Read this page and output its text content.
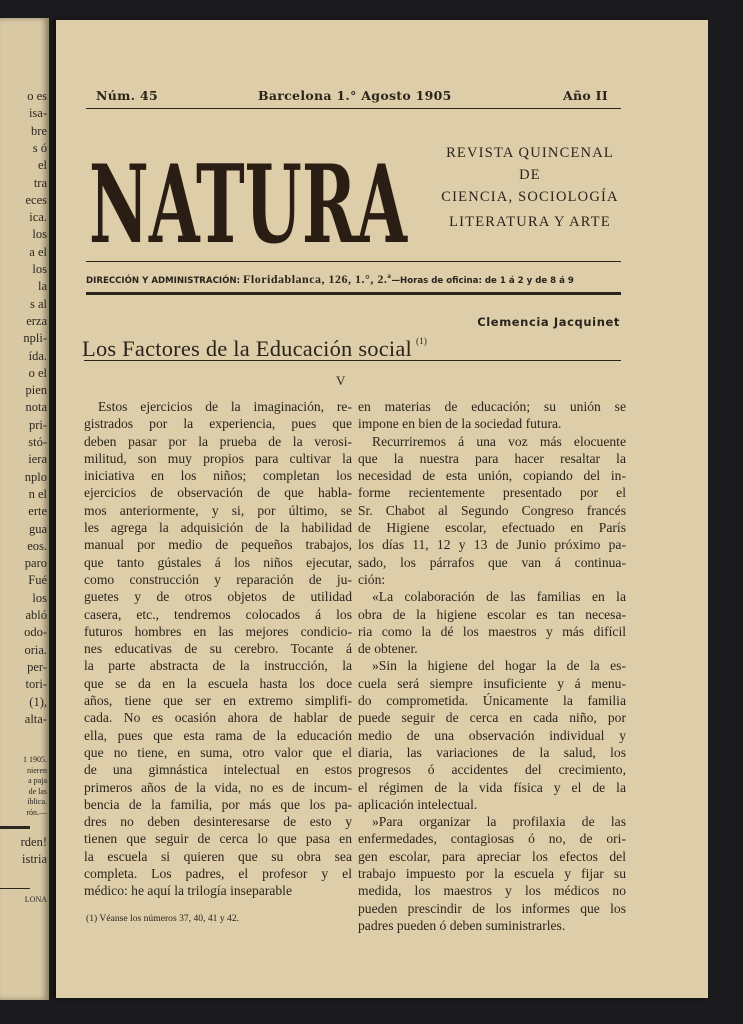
o es
isa-
bre
s ó
el
tra
eces
ica.
los
a el
los
la
s al
erza
npli-
ída.
o el
pien
nota
pri-
stó-
iera
nplo
n el
erte
gua
eos.
paro
Fué
los
abló
odo-
oria.
per-
tori-
(1),
alta-
1 1905.
nieren
a paja
de las
íblica.
rón.—
rden!
istria
LONA
Núm. 45	Barcelona 1.° Agosto 1905	Año II
NATURA	REVISTA QUINCENAL
DE
CIENCIA, SOCIOLOGÍA
LITERATURA Y ARTE
DIRECCIÓN Y ADMINISTRACIÓN: Floridablanca, 126, 1.°, 2.ª—Horas de oficina: de 1 á 2 y de 8 á 9
Clemencia Jacquinet
Los Factores de la Educación social $^{(1)}$
V
Estos ejercicios de la imaginación, re-
gistrados por la experiencia, pues que
deben pasar por la prueba de la verosi-
militud, son muy propios para cultivar la
iniciativa en los niños; completan los
ejercicios de observación de que habla-
mos anteriormente, y si, por último, se
les agrega la adquisición de la habilidad
manual por medio de pequeños trabajos,
que tanto gústales á los niños ejecutar,
como construcción y reparación de ju-
guetes y de otros objetos de utilidad
casera, etc., tendremos colocados á los
futuros hombres en las mejores condicio-
nes educativas de su cerebro. Tocante á
la parte abstracta de la instrucción, la
que se da en la escuela hasta los doce
años, tiene que ser en extremo simplifi-
cada. No es ocasión ahora de hablar de
ella, pues que esta rama de la educación
que no tiene, en suma, otro valor que el
de una gimnástica intelectual en estos
primeros años de la vida, no es de incum-
bencia de la familia, por más que los pa-
dres no deben desinteresarse de esto y
tienen que seguir de cerca lo que pasa en
la escuela si quieren que su obra sea
completa. Los padres, el profesor y el
médico: he aquí la trilogía inseparable
en materias de educación; su unión se
impone en bien de la sociedad futura.
Recurriremos á una voz más elocuente
que la nuestra para hacer resaltar la
necesidad de esta unión, copiando del in-
forme recientemente presentado por el
Sr. Chabot al Segundo Congreso francés
de Higiene escolar, efectuado en París
los días 11, 12 y 13 de Junio próximo pa-
sado, los párrafos que van á continua-
ción:
«La colaboración de las familias en la
obra de la higiene escolar es tan necesa-
ria como la dé los maestros y más difícil
de obtener.
»Sin la higiene del hogar la de la es-
cuela será siempre insuficiente y á menu-
do comprometida. Únicamente la familia
puede seguir de cerca en cada niño, por
medio de una observación individual y
diaria, las variaciones de la salud, los
progresos ó accidentes del crecimiento,
el régimen de la vida física y el de la
aplicación intelectual.
»Para organizar la profilaxia de las
enfermedades, contagiosas ó no, de ori-
gen escolar, para apreciar los efectos del
trabajo impuesto por la escuela y fijar su
medida, los maestros y los médicos no
pueden prescindir de los informes que los
padres pueden ó deben suministrarles.
(1) Véanse los números 37, 40, 41 y 42.
